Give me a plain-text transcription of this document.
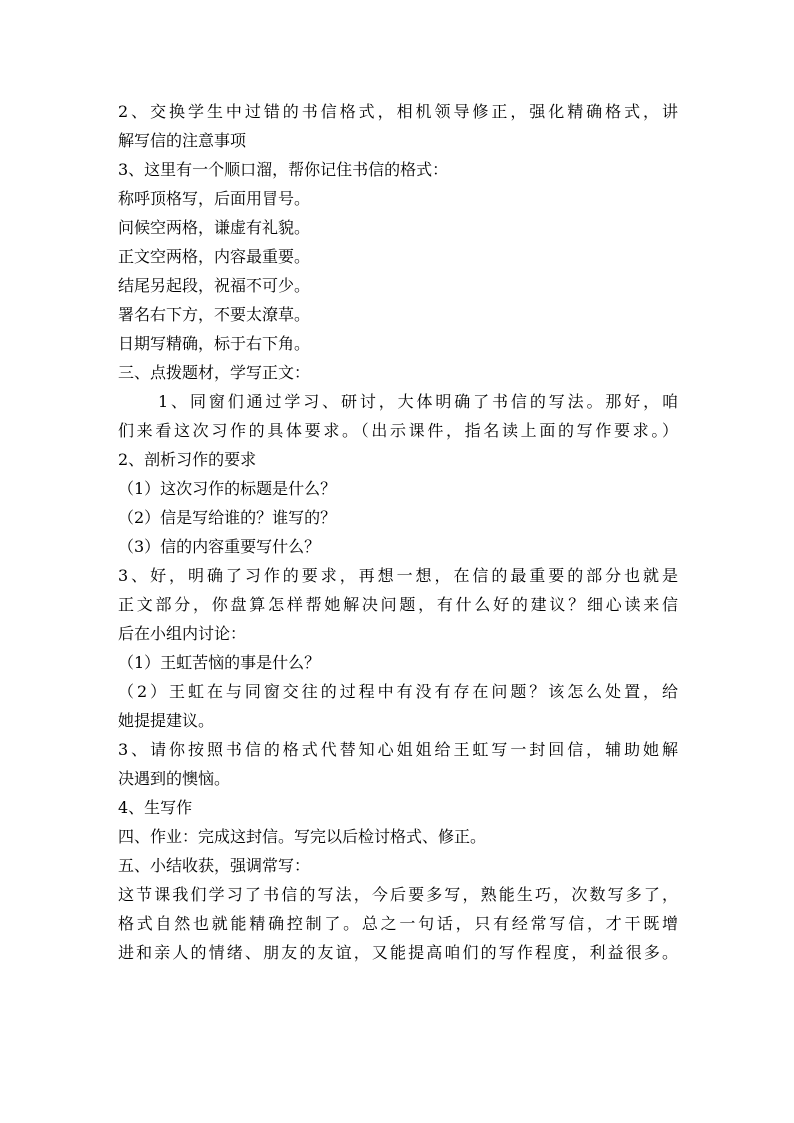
2、交换学生中过错的书信格式，相机领导修正，强化精确格式，讲
解写信的注意事项
3、这里有一个顺口溜，帮你记住书信的格式：
称呼顶格写，后面用冒号。
问候空两格，谦虚有礼貌。
正文空两格，内容最重要。
结尾另起段，祝福不可少。
署名右下方，不要太潦草。
日期写精确，标于右下角。
三、点拨题材，学写正文：
1、同窗们通过学习、研讨，大体明确了书信的写法。那好，咱
们来看这次习作的具体要求。（出示课件，指名读上面的写作要求。）
2、剖析习作的要求
（1）这次习作的标题是什么？
（2）信是写给谁的？谁写的？
（3）信的内容重要写什么？
3、好，明确了习作的要求，再想一想，在信的最重要的部分也就是
正文部分，你盘算怎样帮她解决问题，有什么好的建议？细心读来信
后在小组内讨论：
（1）王虹苦恼的事是什么？
（2）王虹在与同窗交往的过程中有没有存在问题？该怎么处置，给
她提提建议。
3、请你按照书信的格式代替知心姐姐给王虹写一封回信，辅助她解
决遇到的懊恼。
4、生写作
四、作业：完成这封信。写完以后检讨格式、修正。
五、小结收获，强调常写：
这节课我们学习了书信的写法，今后要多写，熟能生巧，次数写多了，
格式自然也就能精确控制了。总之一句话，只有经常写信，才干既增
进和亲人的情绪、朋友的友谊，又能提高咱们的写作程度，利益很多。
